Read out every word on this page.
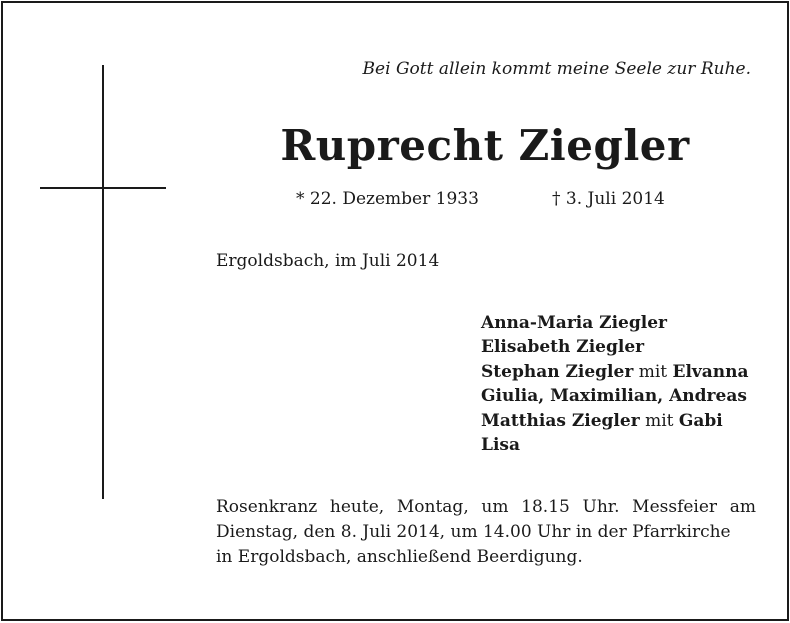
Bei Gott allein kommt meine Seele zur Ruhe.
Ruprecht Ziegler
* 22. Dezember 1933	† 3. Juli 2014
Ergoldsbach, im Juli 2014
Anna-Maria Ziegler
Elisabeth Ziegler
Stephan Ziegler mit Elvanna
Giulia, Maximilian, Andreas
Matthias Ziegler mit Gabi
Lisa
Rosenkranz heute, Montag, um 18.15 Uhr. Messfeier am
Dienstag, den 8. Juli 2014, um 14.00 Uhr in der Pfarrkirche
in Ergoldsbach, anschließend Beerdigung.
